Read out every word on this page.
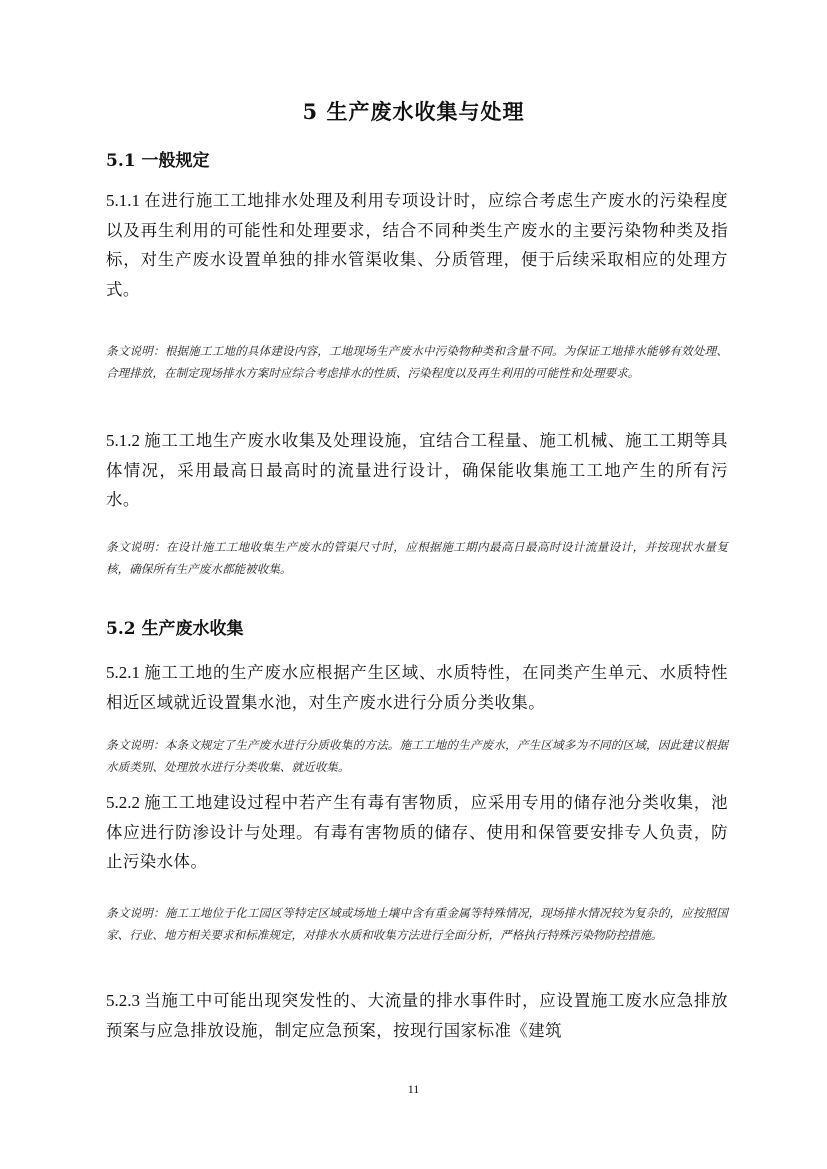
5 生产废水收集与处理
5.1 一般规定
5.1.1 在进行施工工地排水处理及利用专项设计时，应综合考虑生产废水的污染程度以及再生利用的可能性和处理要求，结合不同种类生产废水的主要污染物种类及指标，对生产废水设置单独的排水管渠收集、分质管理，便于后续采取相应的处理方式。
条文说明：根据施工工地的具体建设内容，工地现场生产废水中污染物种类和含量不同。为保证工地排水能够有效处理、合理排放，在制定现场排水方案时应综合考虑排水的性质、污染程度以及再生利用的可能性和处理要求。
5.1.2 施工工地生产废水收集及处理设施，宜结合工程量、施工机械、施工工期等具体情况，采用最高日最高时的流量进行设计，确保能收集施工工地产生的所有污水。
条文说明：在设计施工工地收集生产废水的管渠尺寸时，应根据施工期内最高日最高时设计流量设计，并按现状水量复核，确保所有生产废水都能被收集。
5.2 生产废水收集
5.2.1 施工工地的生产废水应根据产生区域、水质特性，在同类产生单元、水质特性相近区域就近设置集水池，对生产废水进行分质分类收集。
条文说明：本条文规定了生产废水进行分质收集的方法。施工工地的生产废水，产生区域多为不同的区域，因此建议根据水质类别、处理放水进行分类收集、就近收集。
5.2.2 施工工地建设过程中若产生有毒有害物质，应采用专用的储存池分类收集，池体应进行防渗设计与处理。有毒有害物质的储存、使用和保管要安排专人负责，防止污染水体。
条文说明：施工工地位于化工园区等特定区域或场地土壤中含有重金属等特殊情况，现场排水情况较为复杂的，应按照国家、行业、地方相关要求和标准规定，对排水水质和收集方法进行全面分析，严格执行特殊污染物防控措施。
5.2.3 当施工中可能出现突发性的、大流量的排水事件时，应设置施工废水应急排放预案与应急排放设施，制定应急预案，按现行国家标准《建筑
11
